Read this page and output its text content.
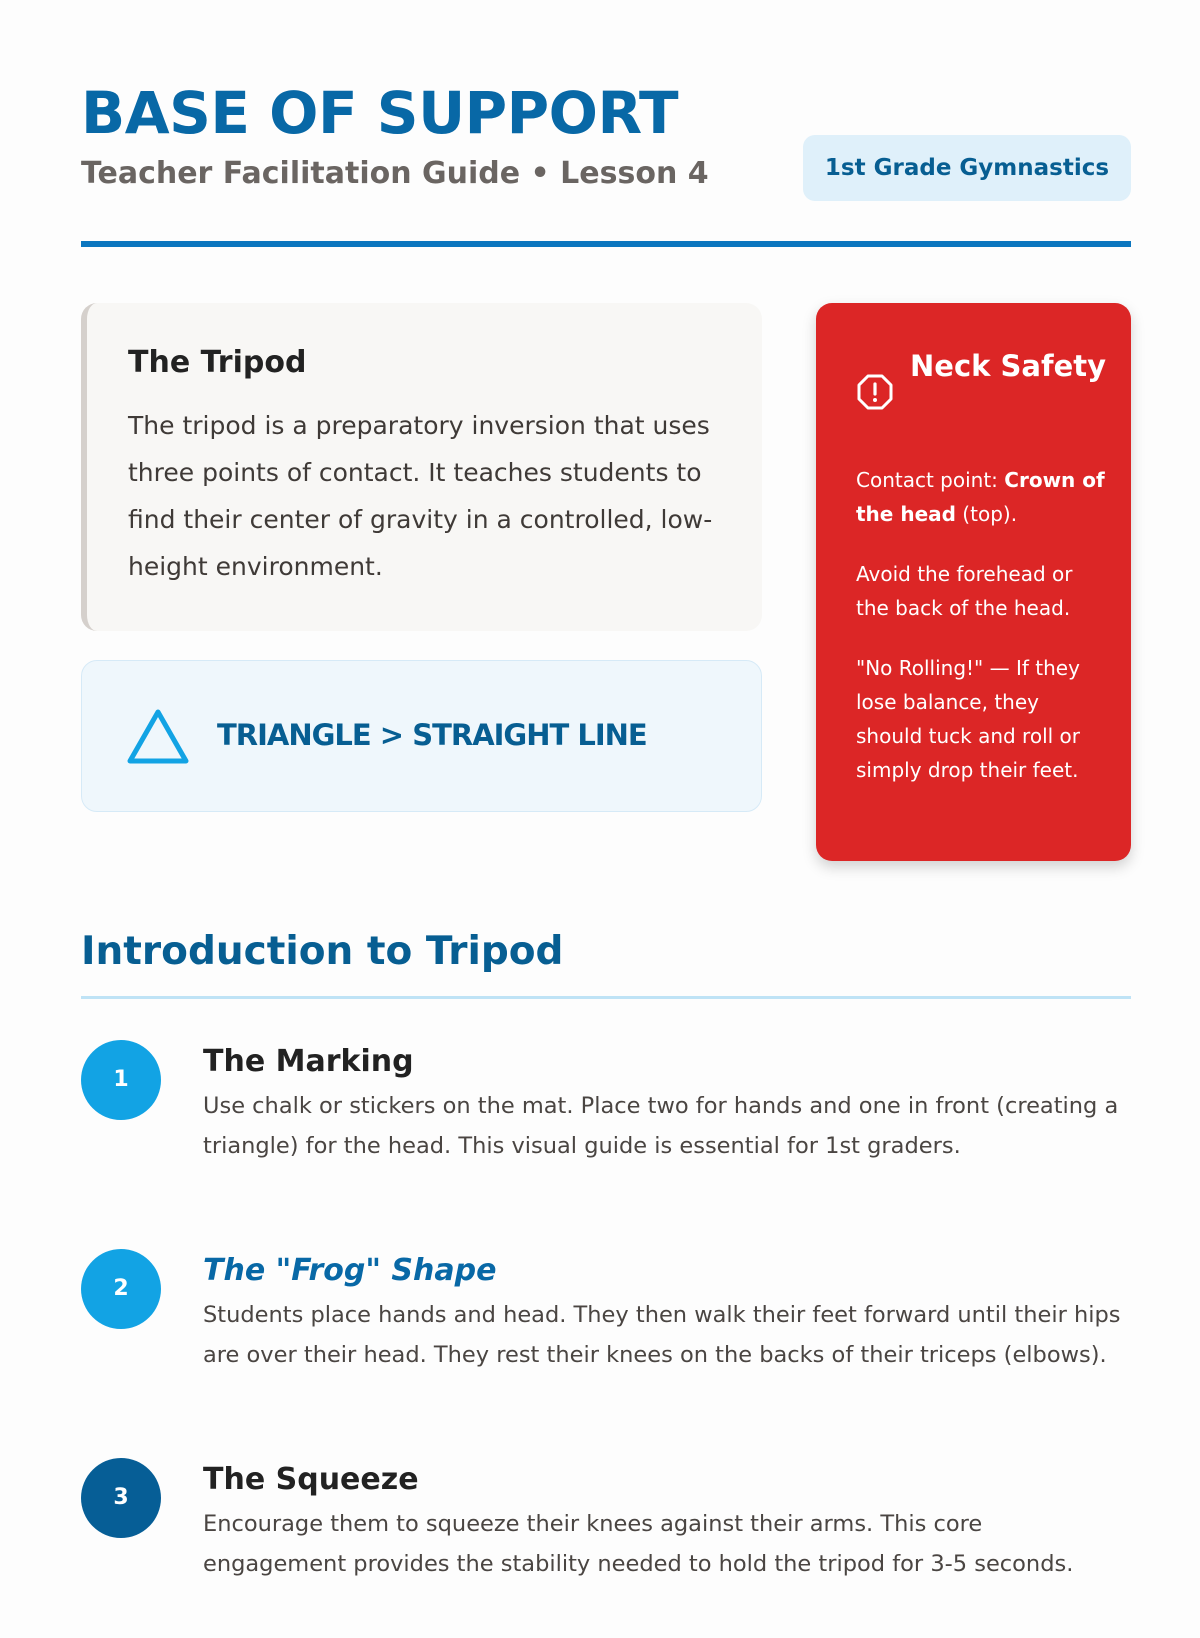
BASE OF SUPPORT
Teacher Facilitation Guide • Lesson 4	1st Grade Gymnastics
The Tripod

The tripod is a preparatory inversion that uses three points of contact. It teaches students to find their center of gravity in a controlled, low-height environment.

TRIANGLE > STRAIGHT LINE
Neck Safety

Contact point: Crown of the head (top).

Avoid the forehead or the back of the head.

"No Rolling!" — If they lose balance, they should tuck and roll or simply drop their feet.

Introduction to Tripod
1
The Marking

Use chalk or stickers on the mat. Place two for hands and one in front (creating a triangle) for the head. This visual guide is essential for 1st graders.

2
The "Frog" Shape

Students place hands and head. They then walk their feet forward until their hips are over their head. They rest their knees on the backs of their triceps (elbows).

3
The Squeeze

Encourage them to squeeze their knees against their arms. This core engagement provides the stability needed to hold the tripod for 3-5 seconds.
